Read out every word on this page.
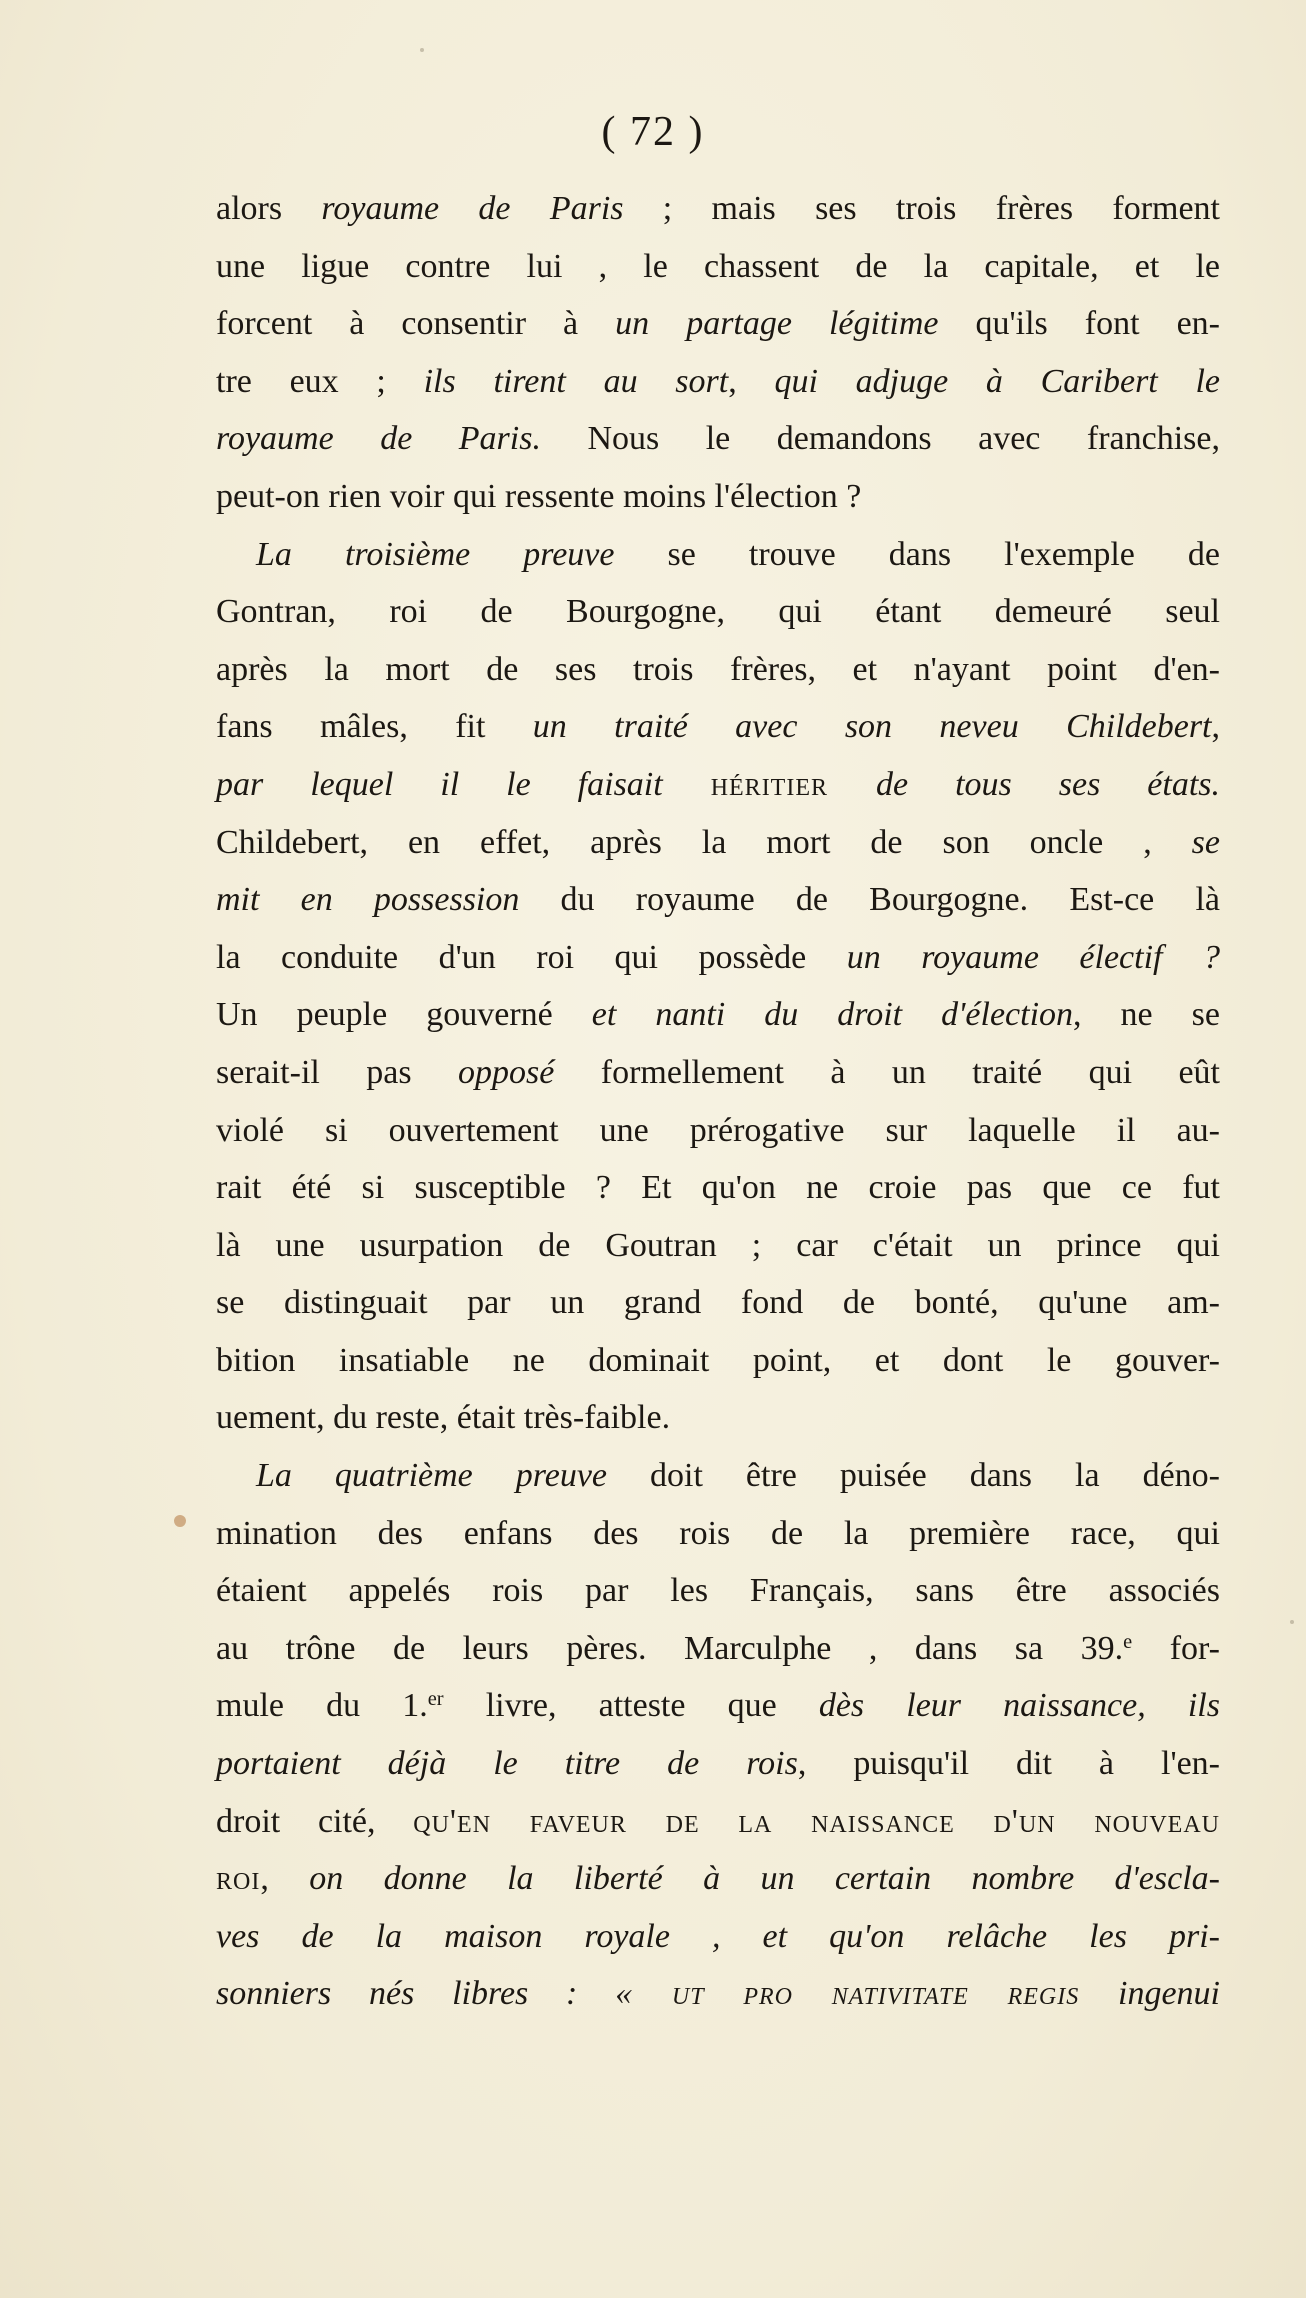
( 72 )
alors royaume de Paris ; mais ses trois frères forment
une ligue contre lui , le chassent de la capitale, et le
forcent à consentir à un partage légitime qu'ils font en-
tre eux ; ils tirent au sort, qui adjuge à Caribert le
royaume de Paris. Nous le demandons avec franchise,
peut-on rien voir qui ressente moins l'élection ?
La troisième preuve se trouve dans l'exemple de
Gontran, roi de Bourgogne, qui étant demeuré seul
après la mort de ses trois frères, et n'ayant point d'en-
fans mâles, fit un traité avec son neveu Childebert,
par lequel il le faisait héritier de tous ses états.
Childebert, en effet, après la mort de son oncle , se
mit en possession du royaume de Bourgogne. Est-ce là
la conduite d'un roi qui possède un royaume électif ?
Un peuple gouverné et nanti du droit d'élection, ne se
serait-il pas opposé formellement à un traité qui eût
violé si ouvertement une prérogative sur laquelle il au-
rait été si susceptible ? Et qu'on ne croie pas que ce fut
là une usurpation de Goutran ; car c'était un prince qui
se distinguait par un grand fond de bonté, qu'une am-
bition insatiable ne dominait point, et dont le gouver-
uement, du reste, était très-faible.
La quatrième preuve doit être puisée dans la déno-
mination des enfans des rois de la première race, qui
étaient appelés rois par les Français, sans être associés
au trône de leurs pères. Marculphe , dans sa 39.$^e$ for-
mule du 1.$^{er}$ livre, atteste que dès leur naissance, ils
portaient déjà le titre de rois, puisqu'il dit à l'en-
droit cité, qu'en faveur de la naissance d'un nouveau
roi, on donne la liberté à un certain nombre d'escla-
ves de la maison royale , et qu'on relâche les pri-
sonniers nés libres : « ut pro nativitate regis ingenui
